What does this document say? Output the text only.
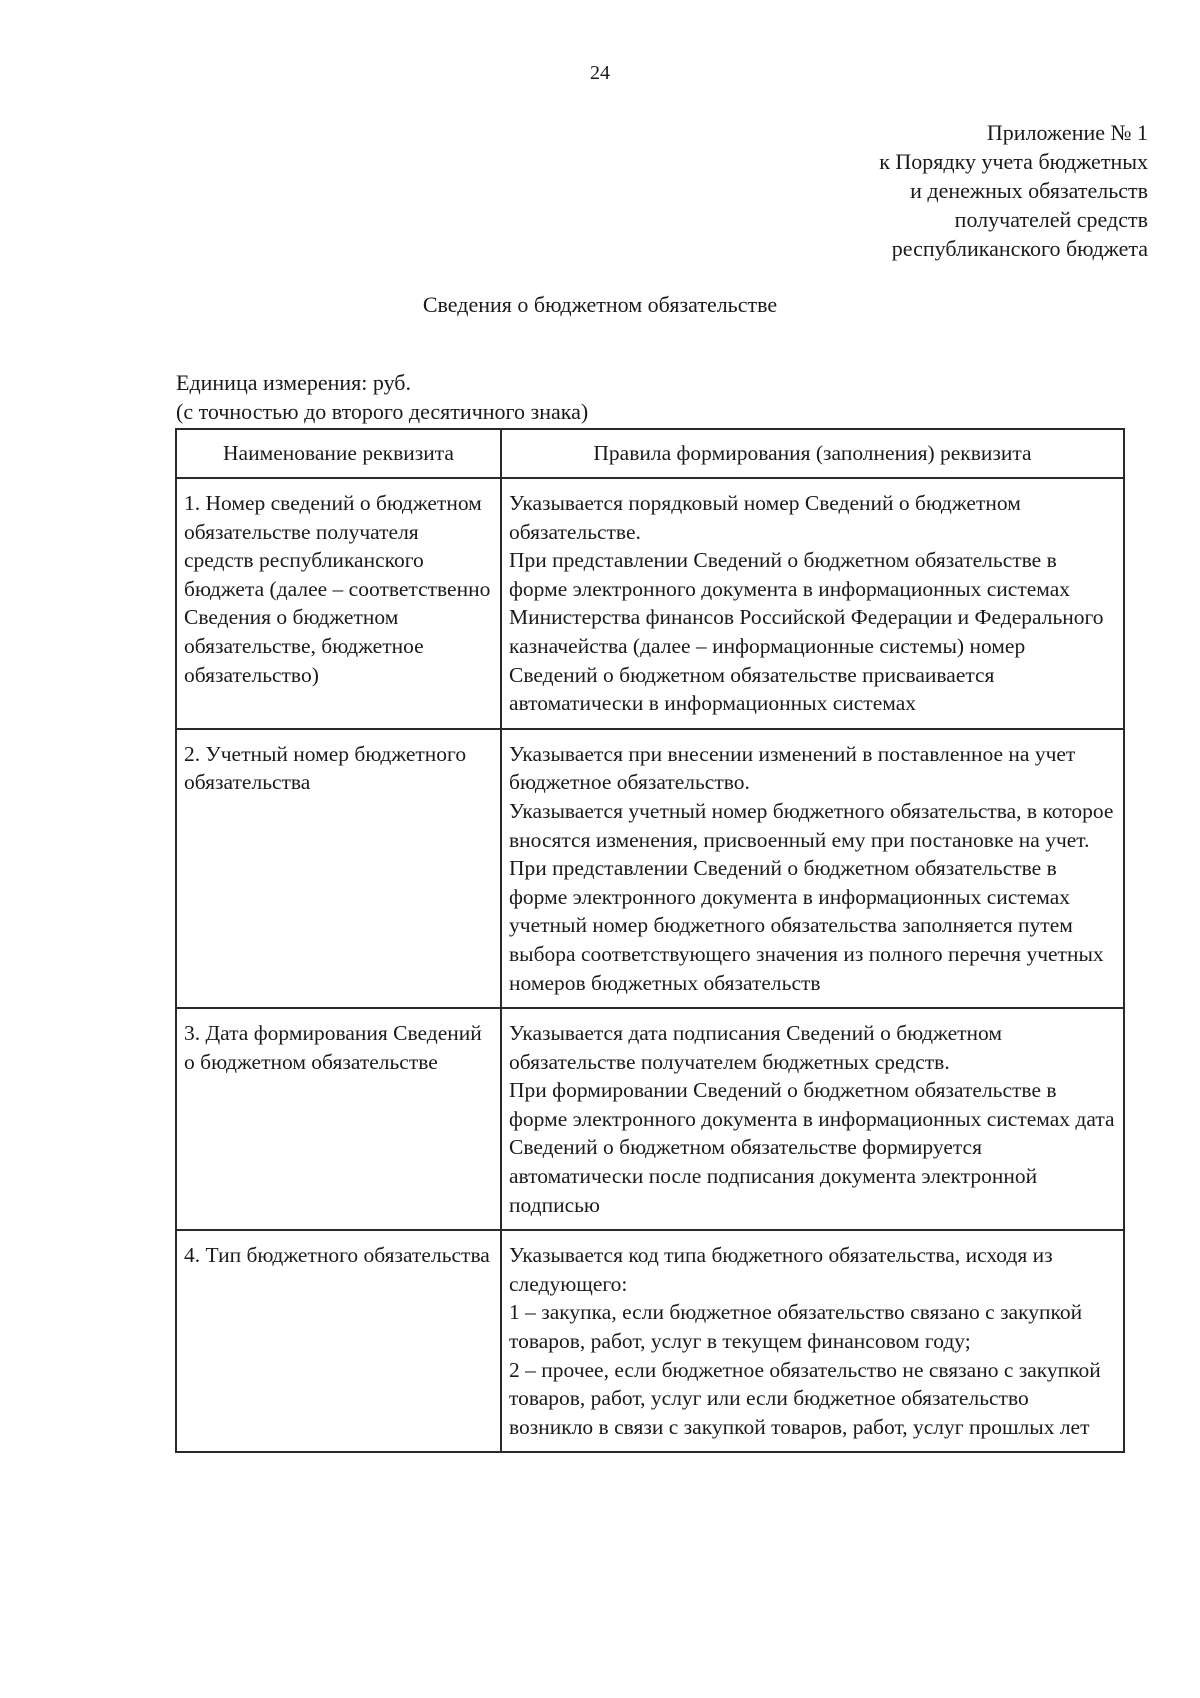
24
Приложение № 1
к Порядку учета бюджетных
и денежных обязательств
получателей средств
республиканского бюджета
Сведения о бюджетном обязательстве
Единица измерения: руб.
(с точностью до второго десятичного знака)
Наименование реквизита	Правила формирования (заполнения) реквизита
1. Номер сведений о бюджетном обязательстве получателя средств республиканского бюджета (далее – соответственно Сведения о бюджетном обязательстве, бюджетное обязательство)	Указывается порядковый номер Сведений о бюджетном обязательстве.
При представлении Сведений о бюджетном обязательстве в форме электронного документа в информационных системах Министерства финансов Российской Федерации и Федерального казначейства (далее – информационные системы) номер Сведений о бюджетном обязательстве присваивается автоматически в информационных системах

2. Учетный номер бюджетного обязательства	Указывается при внесении изменений в поставленное на учет бюджетное обязательство.
Указывается учетный номер бюджетного обязательства, в которое вносятся изменения, присвоенный ему при постановке на учет.
При представлении Сведений о бюджетном обязательстве в форме электронного документа в информационных системах учетный номер бюджетного обязательства заполняется путем выбора соответствующего значения из полного перечня учетных номеров бюджетных обязательств

3. Дата формирования Сведений о бюджетном обязательстве	Указывается дата подписания Сведений о бюджетном обязательстве получателем бюджетных средств.
При формировании Сведений о бюджетном обязательстве в форме электронного документа в информационных системах дата Сведений о бюджетном обязательстве формируется автоматически после подписания документа электронной подписью

4. Тип бюджетного обязательства	Указывается код типа бюджетного обязательства, исходя из следующего:
1 – закупка, если бюджетное обязательство связано с закупкой товаров, работ, услуг в текущем финансовом году;
2 – прочее, если бюджетное обязательство не связано с закупкой товаров, работ, услуг или если бюджетное обязательство возникло в связи с закупкой товаров, работ, услуг прошлых лет
